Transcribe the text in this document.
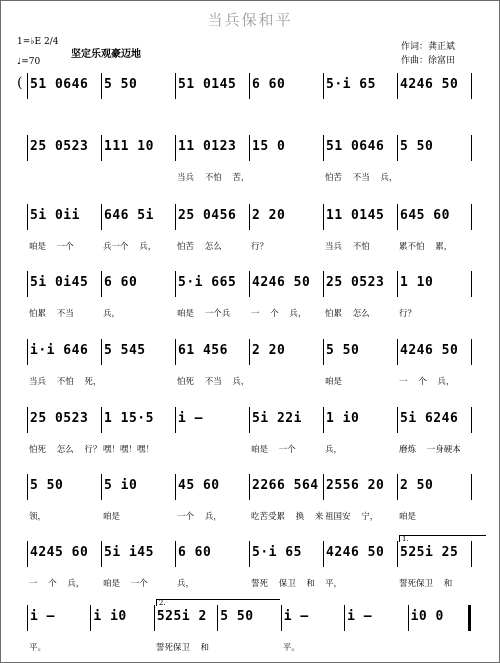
当兵保和平
1=♭E 2/4
♩=70
坚定乐观豪迈地
作词：龚正斌
作曲：徐富田
( 51 0646 5 50	51 0145 6 60	5·i 65 4246 50
25 0523 111 10 11 0123
当兵 不怕 苦，
15 0	51 0646
怕苦 不当 兵，
5 50
5i 0ii
咱是 一个
646 5i
兵一个 兵，
25 0456
怕苦 怎么
2 20
行？
11 0145
当兵 不怕
645 60
累不怕 累，
5i 0i45
怕累 不当
6 60
兵，
5·i 665
咱是 一个兵
4246 50
一 个 兵，
25 0523
怕累 怎么
1 10
行？
i·i 646
当兵 不怕 死，
5 545 61 456
怕死 不当 兵，
2 20	5 50
咱是
4246 50
一 个 兵，
25 0523
怕死 怎么 行？
1 15·5
嘿！嘿！嘿！
i –	5i 22i
咱是 一个
1 i0
兵，
5i 6246
磨炼 一身硬本
5 50
领，
5 i0
咱是
45 60
一个 兵，
2266 564
吃苦受累 换 来
2556 20
祖国安 宁，
2 50
咱是
4245 60
一 个 兵，
5i i45
咱是 一个
6 60
兵，
5·i 65
誓死 保卫 和
4246 50
平，
525i 25
誓死保卫 和
1.
i –
平。
i i0 525i 2
誓死保卫 和
5 50 i –
平。
i –	i0 0
2.
